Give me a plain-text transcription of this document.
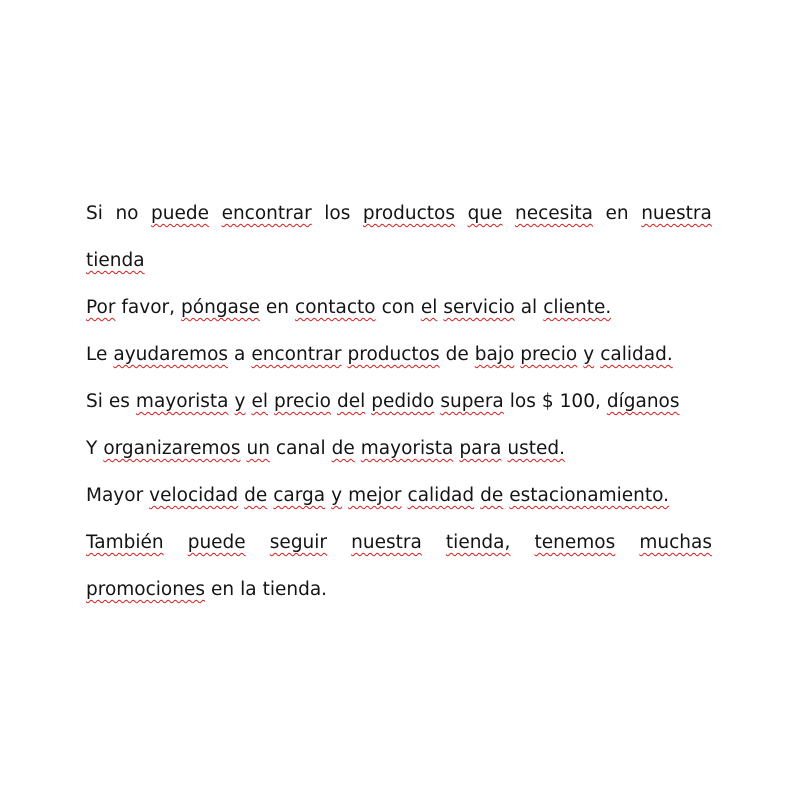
Si no puede encontrar los productos que necesita en nuestra
tienda
Por favor, póngase en contacto con el servicio al cliente.
Le ayudaremos a encontrar productos de bajo precio y calidad.
Si es mayorista y el precio del pedido supera los $ 100, díganos
Y organizaremos un canal de mayorista para usted.
Mayor velocidad de carga y mejor calidad de estacionamiento.
También puede seguir nuestra tienda, tenemos muchas
promociones en la tienda.
